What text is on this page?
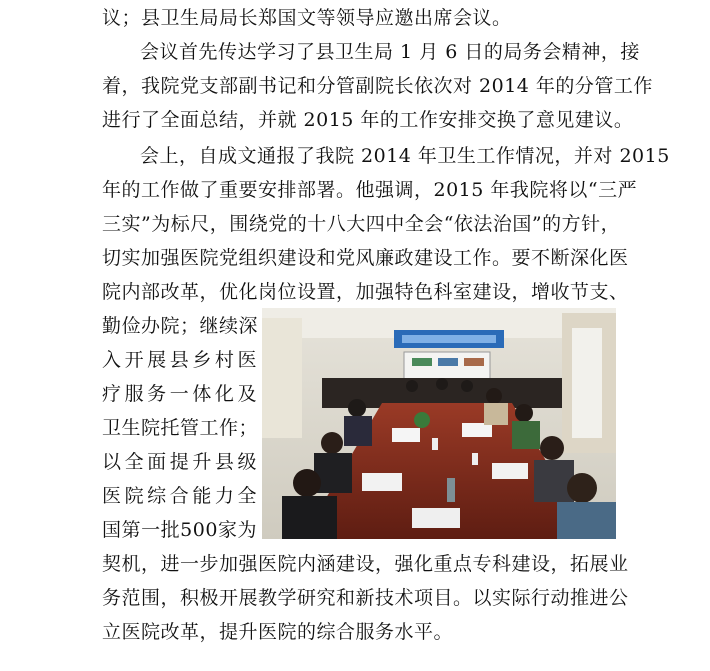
议；县卫生局局长郑国文等领导应邀出席会议。
会议首先传达学习了县卫生局 1 月 6 日的局务会精神，接
着，我院党支部副书记和分管副院长依次对 2014 年的分管工作
进行了全面总结，并就 2015 年的工作安排交换了意见建议。
会上，自成文通报了我院 2014 年卫生工作情况，并对 2015
年的工作做了重要安排部署。他强调，2015 年我院将以“三严
三实”为标尺，围绕党的十八大四中全会“依法治国”的方针，
切实加强医院党组织建设和党风廉政建设工作。要不断深化医
院内部改革，优化岗位设置，加强特色科室建设，增收节支、
勤俭办院；继续深
入开展县乡村医
疗服务一体化及
卫生院托管工作；
以全面提升县级
医院综合能力全
国第一批500家为
契机，进一步加强医院内涵建设，强化重点专科建设，拓展业
务范围，积极开展教学研究和新技术项目。以实际行动推进公
立医院改革，提升医院的综合服务水平。
